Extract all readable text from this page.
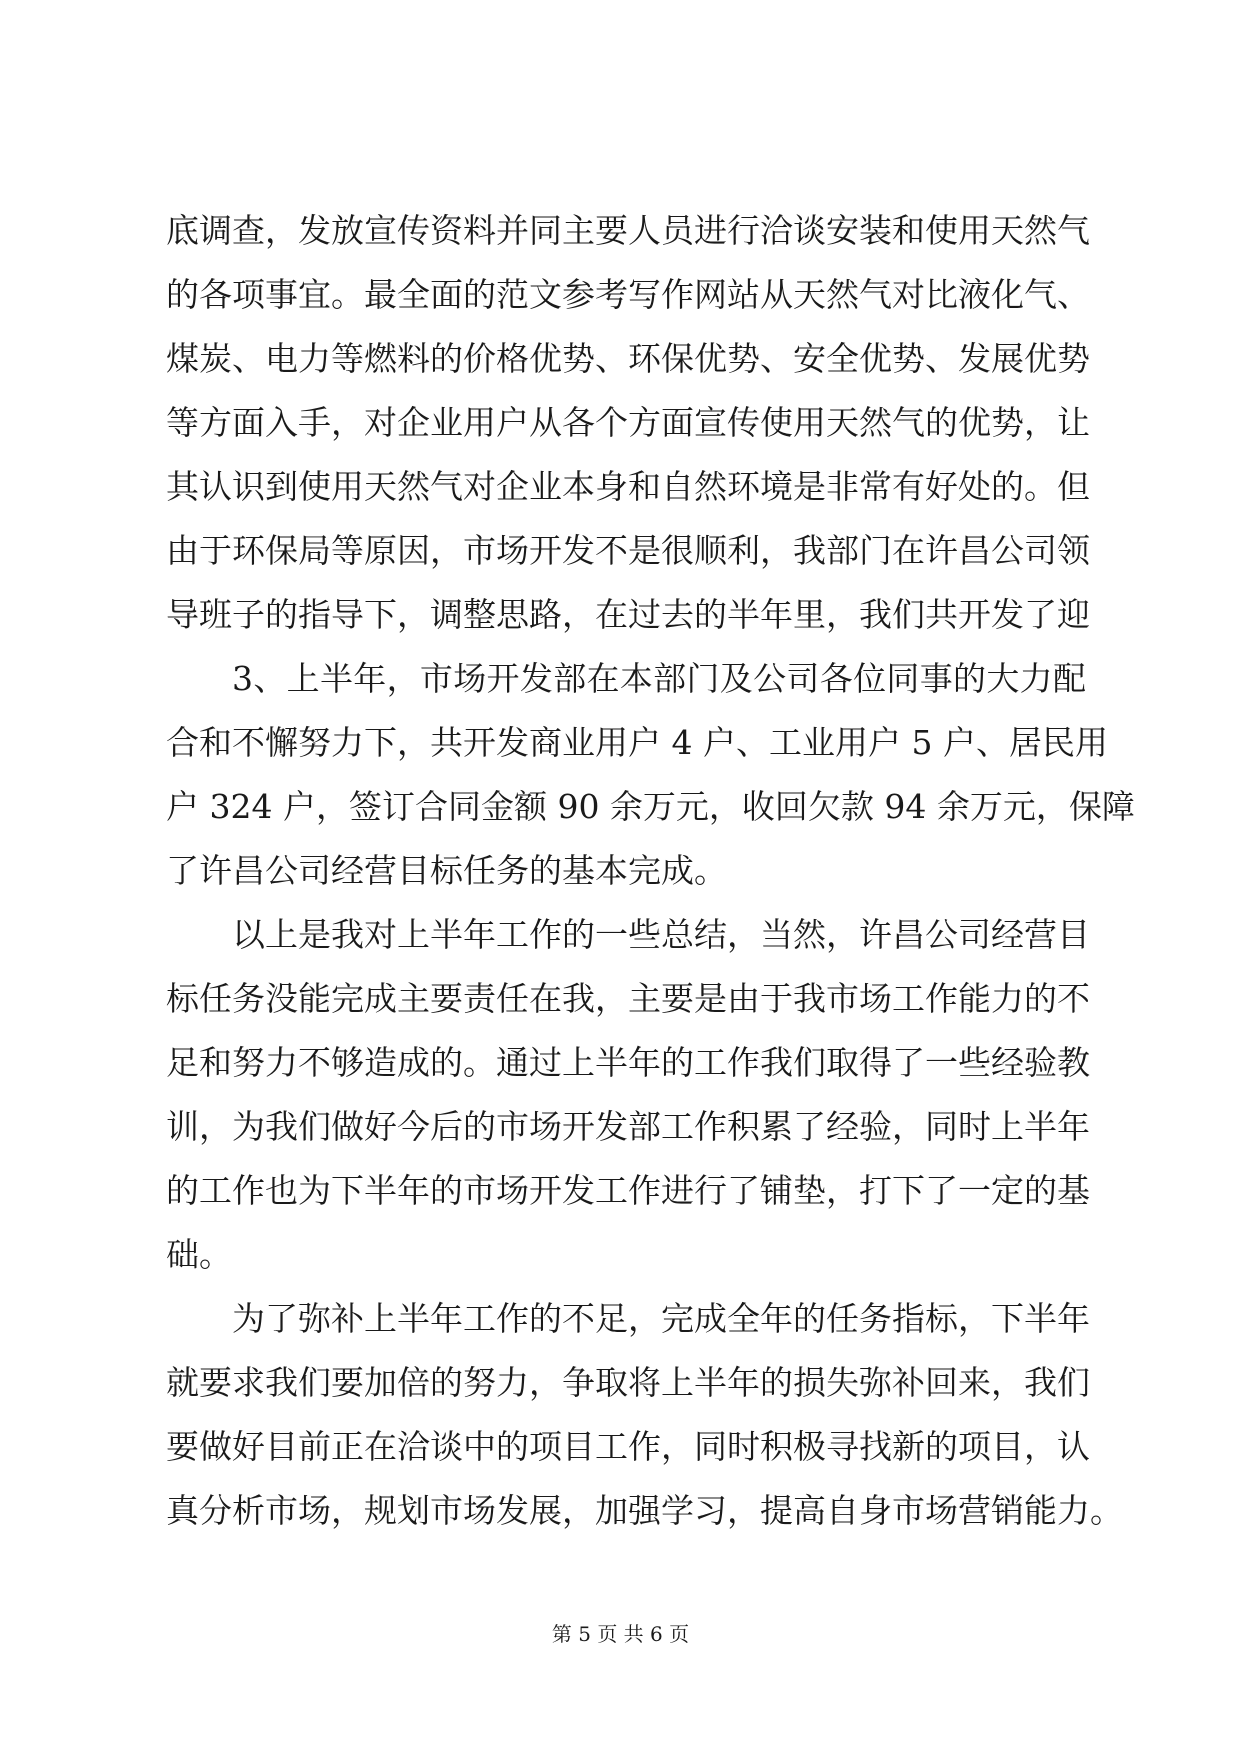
底调查，发放宣传资料并同主要人员进行洽谈安装和使用天然气
的各项事宜。最全面的范文参考写作网站从天然气对比液化气、
煤炭、电力等燃料的价格优势、环保优势、安全优势、发展优势
等方面入手，对企业用户从各个方面宣传使用天然气的优势，让
其认识到使用天然气对企业本身和自然环境是非常有好处的。但
由于环保局等原因，市场开发不是很顺利，我部门在许昌公司领
导班子的指导下，调整思路，在过去的半年里，我们共开发了迎
3、上半年，市场开发部在本部门及公司各位同事的大力配
合和不懈努力下，共开发商业用户 4 户、工业用户 5 户、居民用
户 324 户，签订合同金额 90 余万元，收回欠款 94 余万元，保障
了许昌公司经营目标任务的基本完成。
以上是我对上半年工作的一些总结，当然，许昌公司经营目
标任务没能完成主要责任在我，主要是由于我市场工作能力的不
足和努力不够造成的。通过上半年的工作我们取得了一些经验教
训，为我们做好今后的市场开发部工作积累了经验，同时上半年
的工作也为下半年的市场开发工作进行了铺垫，打下了一定的基
础。
为了弥补上半年工作的不足，完成全年的任务指标，下半年
就要求我们要加倍的努力，争取将上半年的损失弥补回来，我们
要做好目前正在洽谈中的项目工作，同时积极寻找新的项目，认
真分析市场，规划市场发展，加强学习，提高自身市场营销能力。
第 5 页 共 6 页
